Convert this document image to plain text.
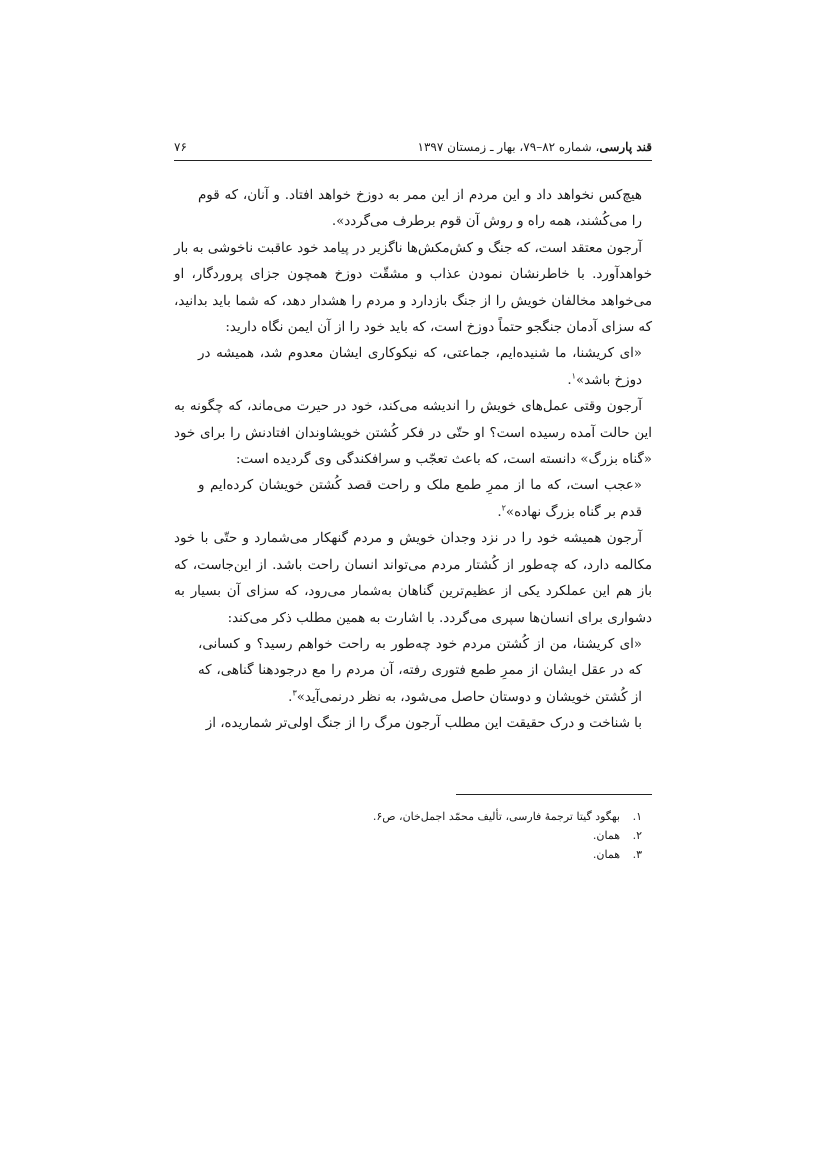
قند پارسی، شماره ۸۲–۷۹، بهار ـ زمستان ۱۳۹۷
۷۶

هیچ‌کس نخواهد داد و این مردم از این ممر به دوزخ خواهد افتاد. و آنان، که قوم را می‌کُشند، همه راه و روش آن قوم برطرف می‌گردد».

آرجون معتقد است، که جنگ و کش‌مکش‌ها ناگزیر در پیامد خود عاقبت ناخوشی به بار خواهدآورد. با خاطرنشان نمودن عذاب و مشقّت دوزخ همچون جزای پروردگار، او می‌خواهد مخالفان خویش را از جنگ بازدارد و مردم را هشدار دهد، که شما باید بدانید، که سزای آدمان جنگجو حتماً دوزخ است، که باید خود را از آن ایمن نگاه دارید:

«ای کریشنا، ما شنیده‌ایم، جماعتی، که نیکوکاری ایشان معدوم شد، همیشه در دوزخ باشد»$^۱$.

آرجون وقتی عمل‌های خویش را اندیشه می‌کند، خود در حیرت می‌ماند، که چگونه به این حالت آمده رسیده است؟ او حتّی در فکر کُشتن خویشاوندان افتادنش را برای خود «گناه بزرگ» دانسته است، که باعث تعجّب و سرافکندگی وی گردیده است:

«عجب است، که ما از ممرِ طمع ملک و راحت قصد کُشتن خویشان کرده‌ایم و قدم بر گناه بزرگ نهاده»$^۲$.

آرجون همیشه خود را در نزد وجدان خویش و مردم گنهکار می‌شمارد و حتّی با خود مکالمه دارد، که چه‌طور از کُشتار مردم می‌تواند انسان راحت باشد. از این‌جاست، که باز هم این عملکرد یکی از عظیم‌ترین گناهان به‌شمار می‌رود، که سزای آن بسیار به دشواری برای انسان‌ها سپری می‌گردد. با اشارت به همین مطلب ذکر می‌کند:

«ای کریشنا، من از کُشتن مردم خود چه‌طور به راحت خواهم رسید؟ و کسانی، که در عقل ایشان از ممرِ طمع فتوری رفته، آن مردم را مع درجودهنا گناهی، که از کُشتن خویشان و دوستان حاصل می‌شود، به نظر درنمی‌آید»$^۳$.

با شناخت و درک حقیقت این مطلب آرجون مرگ را از جنگ اولی‌تر شماریده، از

۱.
بهگود گیتا ترجمهٔ فارسی، تألیف محمّد اجمل‌خان، ص۶.
۲.
همان.
۳.
همان.
